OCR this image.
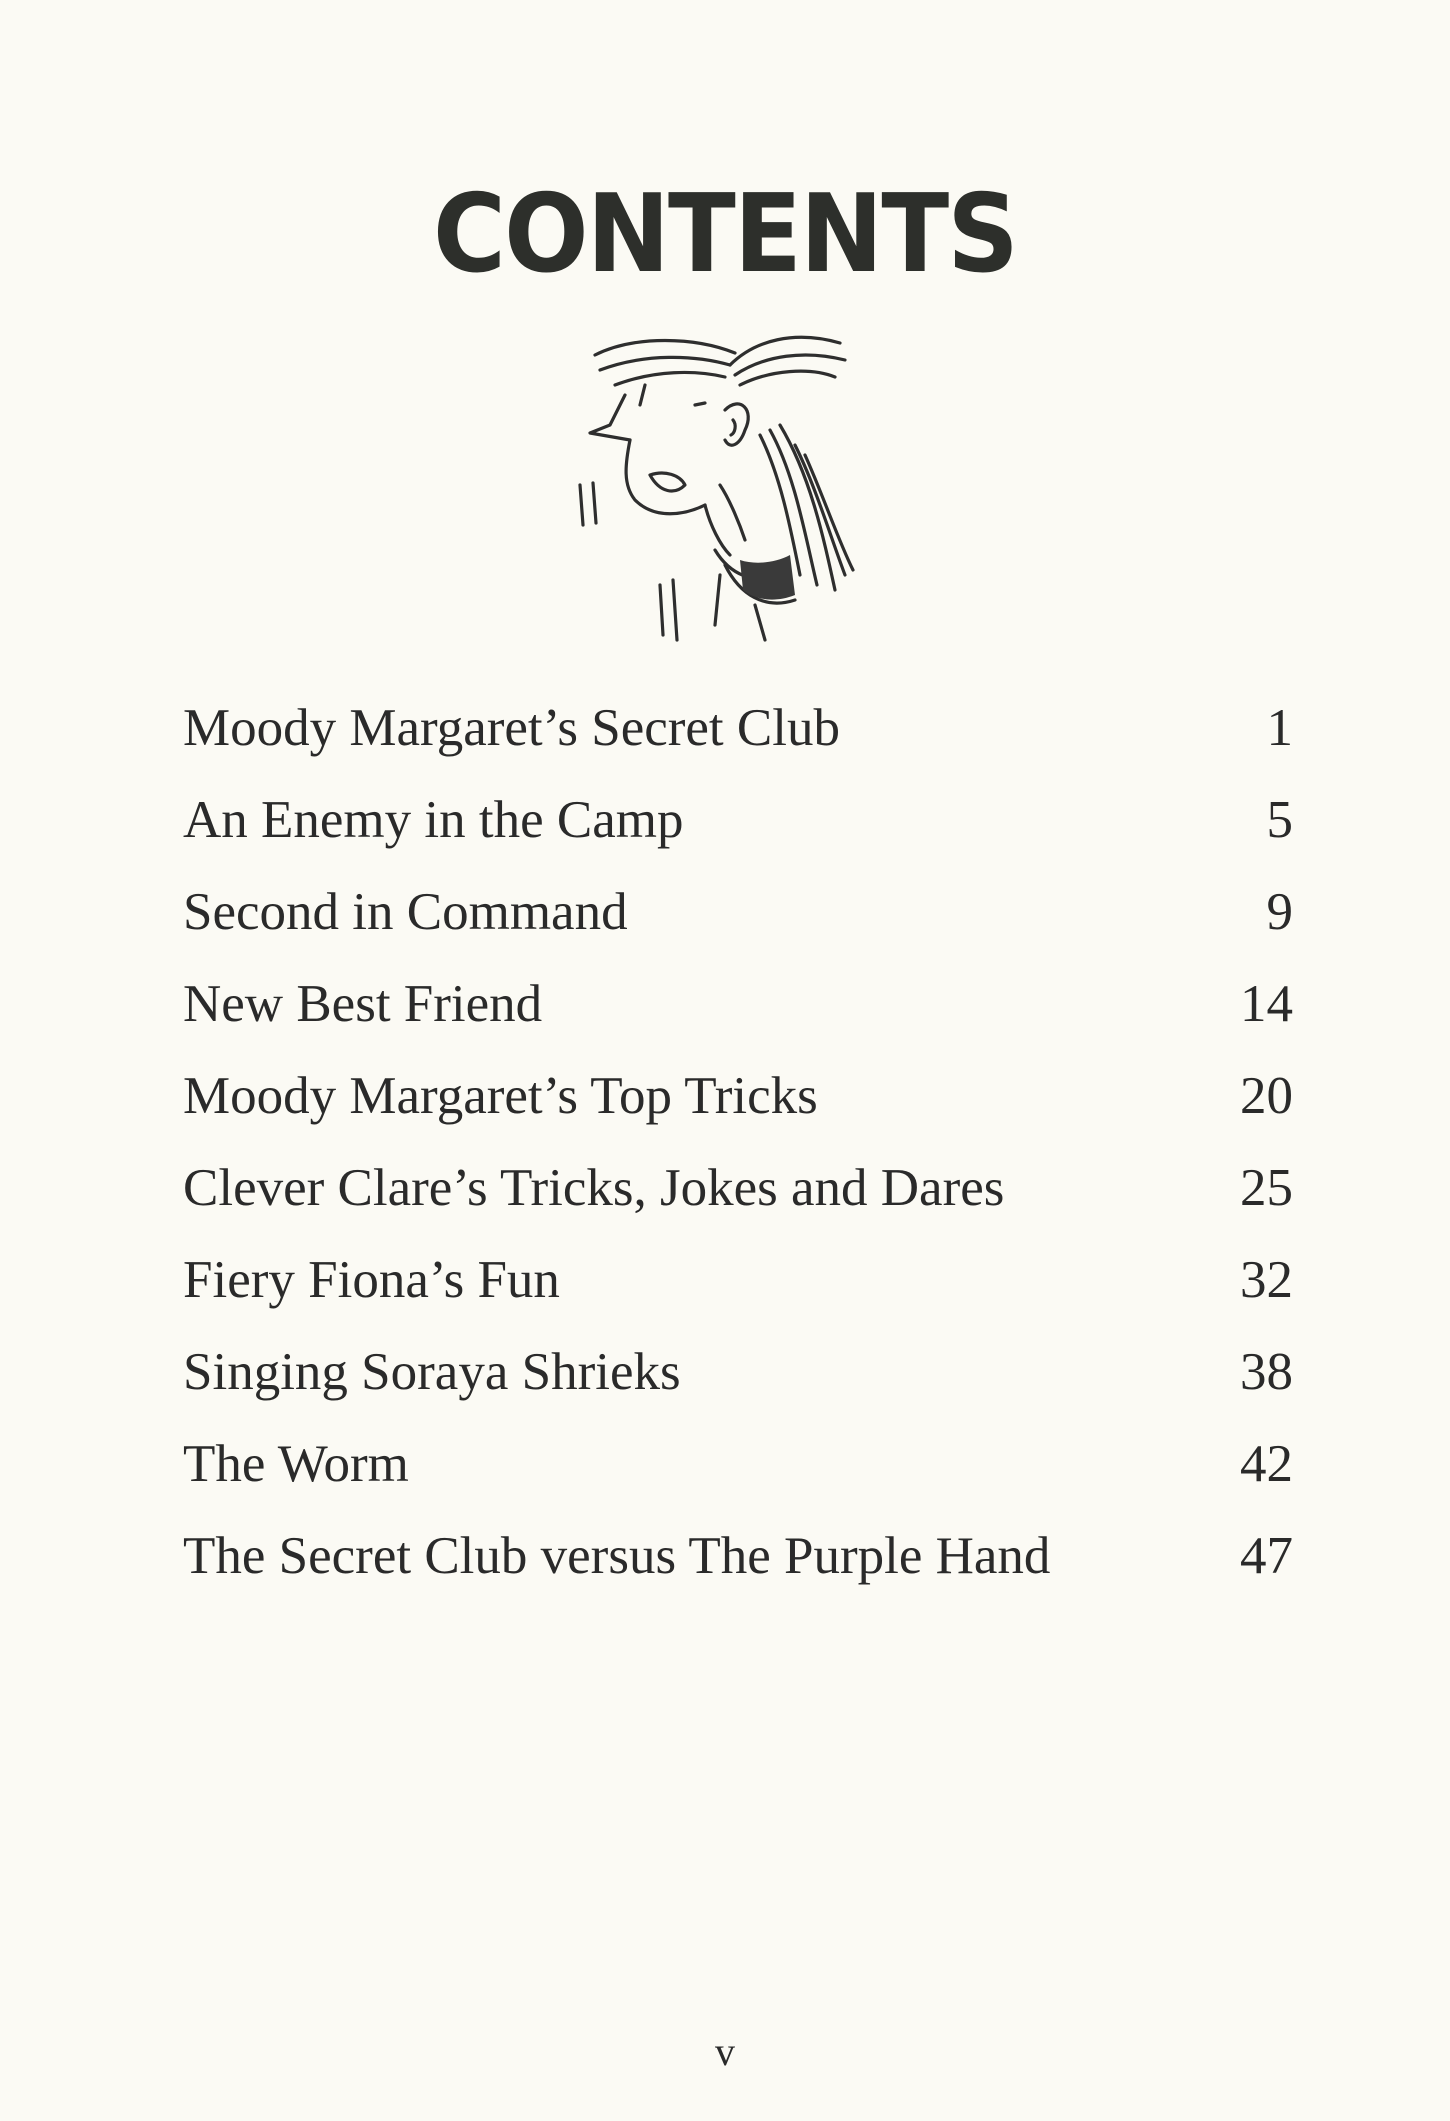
CONTENTS
Moody Margaret’s Secret Club	1
An Enemy in the Camp	5
Second in Command	9
New Best Friend	14
Moody Margaret’s Top Tricks	20
Clever Clare’s Tricks, Jokes and Dares	25
Fiery Fiona’s Fun	32
Singing Soraya Shrieks	38
The Worm	42
The Secret Club versus The Purple Hand	47
v
